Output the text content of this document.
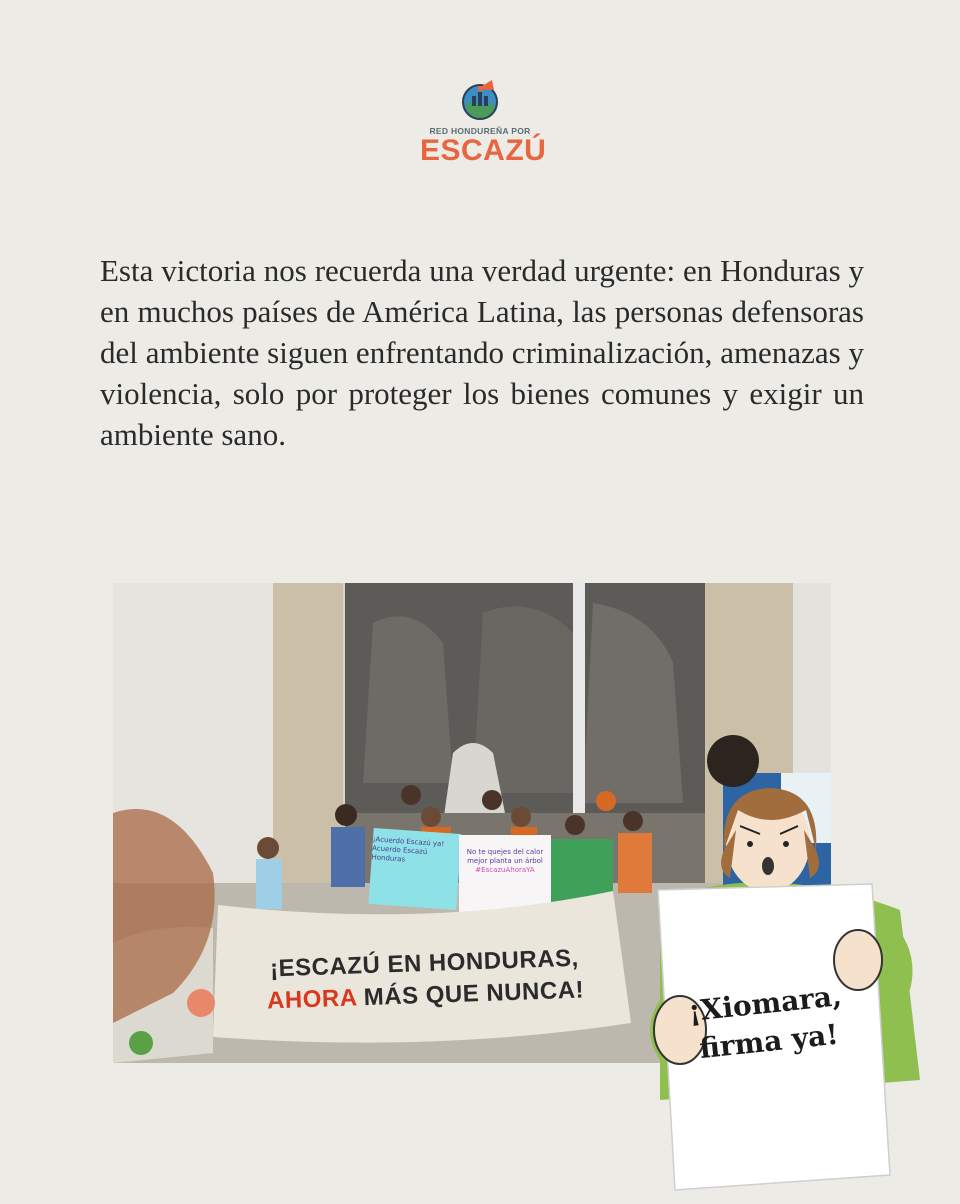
RED HONDUREÑA POR
ESCAZÚ

Esta victoria nos recuerda una verdad urgente: en Honduras y en muchos países de América Latina, las personas defensoras del ambiente siguen enfrentando criminalización, amenazas y violencia, solo por proteger los bienes comunes y exigir un ambiente sano.

¡Acuerdo Escazú ya! Acuerdo Escazú Honduras
No te quejes del calor mejor planta un árbol
#EscazuAhoraYA
¡ESCAZÚ EN HONDURAS,
AHORA MÁS QUE NUNCA!	¡Xiomara,
firma ya!
